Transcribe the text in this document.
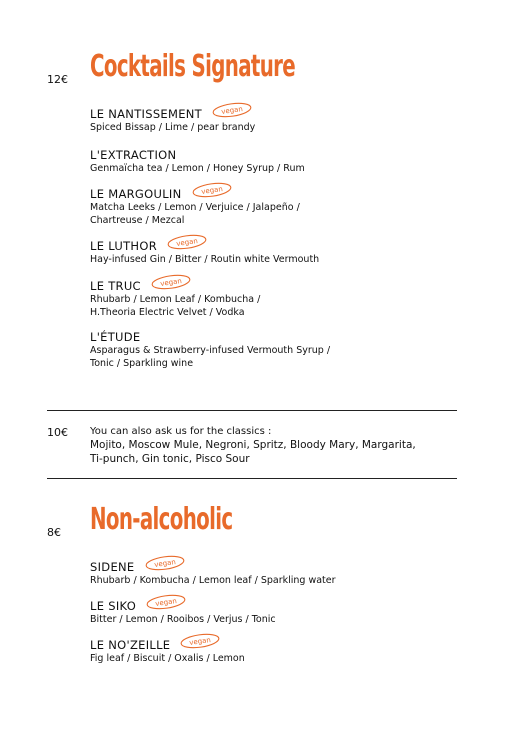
12€ Cocktails Signature
LE NANTISSEMENT	vegan
Spiced Bissap / Lime / pear brandy
L'EXTRACTION
Genmaïcha tea / Lemon / Honey Syrup / Rum
LE MARGOULIN	vegan
Matcha Leeks / Lemon / Verjuice / Jalapeño /
Chartreuse / Mezcal
LE LUTHOR	vegan
Hay-infused Gin / Bitter / Routin white Vermouth
LE TRUC	vegan
Rhubarb / Lemon Leaf / Kombucha /
H.Theoria Electric Velvet / Vodka
L'ÉTUDE
Asparagus & Strawberry-infused Vermouth Syrup /
Tonic / Sparkling wine
10€ You can also ask us for the classics :
Mojito, Moscow Mule, Negroni, Spritz, Bloody Mary, Margarita,
Ti-punch, Gin tonic, Pisco Sour
8€ Non-alcoholic
SIDENE	vegan
Rhubarb / Kombucha / Lemon leaf / Sparkling water
LE SIKO	vegan
Bitter / Lemon / Rooibos / Verjus / Tonic
LE NO'ZEILLE	vegan
Fig leaf / Biscuit / Oxalis / Lemon
